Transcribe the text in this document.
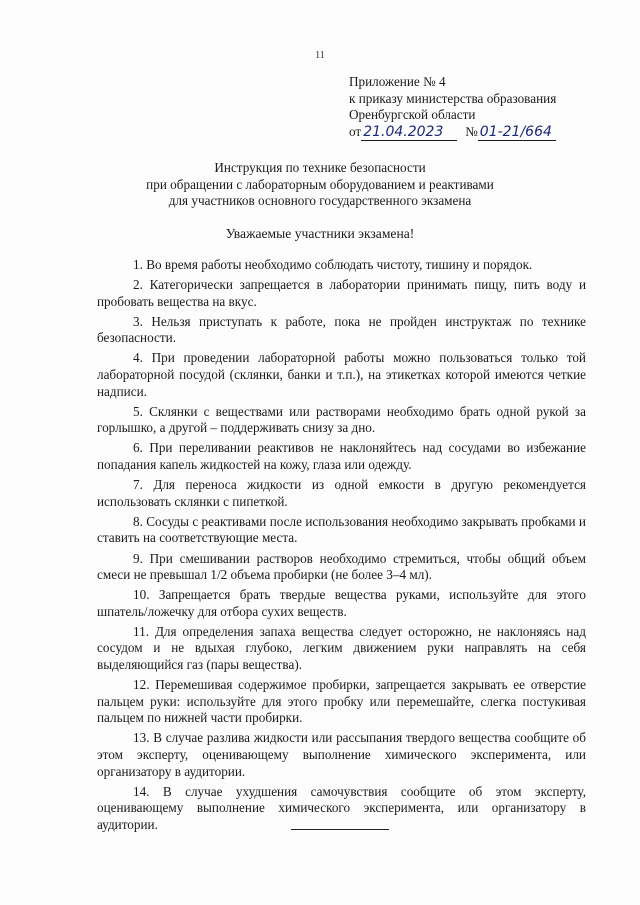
11
Приложение № 4
к приказу министерства образования
Оренбургской области
от 21.04.2023 № 01-21/664
Инструкция по технике безопасности
при обращении с лабораторным оборудованием и реактивами
для участников основного государственного экзамена
Уважаемые участники экзамена!

1. Во время работы необходимо соблюдать чистоту, тишину и порядок.

2. Категорически запрещается в лаборатории принимать пищу, пить воду и пробовать вещества на вкус.

3. Нельзя приступать к работе, пока не пройден инструктаж по технике безопасности.

4. При проведении лабораторной работы можно пользоваться только той лабораторной посудой (склянки, банки и т.п.), на этикетках которой имеются четкие надписи.

5. Склянки с веществами или растворами необходимо брать одной рукой за горлышко, а другой – поддерживать снизу за дно.

6. При переливании реактивов не наклоняйтесь над сосудами во избежание попадания капель жидкостей на кожу, глаза или одежду.

7. Для переноса жидкости из одной емкости в другую рекомендуется использовать склянки с пипеткой.

8. Сосуды с реактивами после использования необходимо закрывать пробками и ставить на соответствующие места.

9. При смешивании растворов необходимо стремиться, чтобы общий объем смеси не превышал 1/2 объема пробирки (не более 3–4 мл).

10. Запрещается брать твердые вещества руками, используйте для этого шпатель/ложечку для отбора сухих веществ.

11. Для определения запаха вещества следует осторожно, не наклоняясь над сосудом и не вдыхая глубоко, легким движением руки направлять на себя выделяющийся газ (пары вещества).

12. Перемешивая содержимое пробирки, запрещается закрывать ее отверстие пальцем руки: используйте для этого пробку или перемешайте, слегка постукивая пальцем по нижней части пробирки.

13. В случае разлива жидкости или рассыпания твердого вещества сообщите об этом эксперту, оценивающему выполнение химического эксперимента, или организатору в аудитории.

14. В случае ухудшения самочувствия сообщите об этом эксперту, оценивающему выполнение химического эксперимента, или организатору в аудитории.
